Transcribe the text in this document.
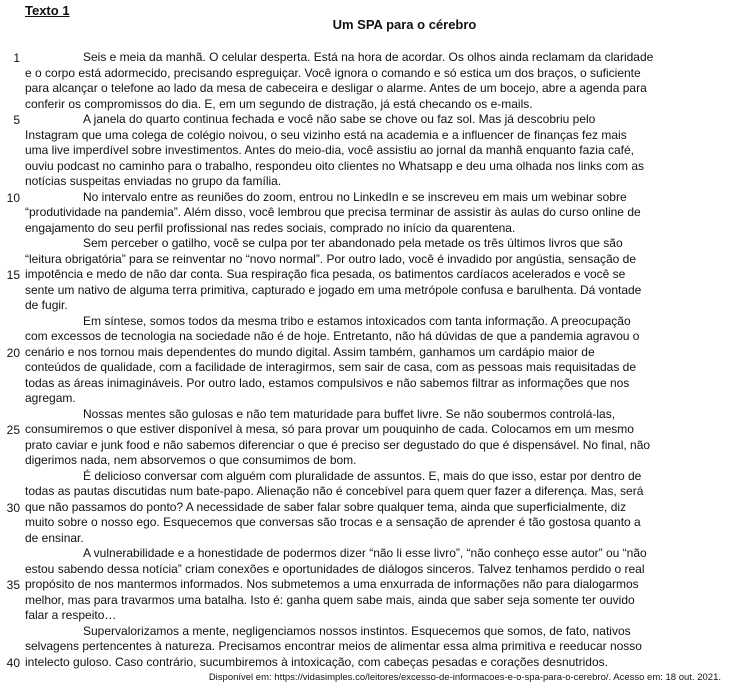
Texto 1
Um SPA para o cérebro
1
5
10
15
20
25
30
35
40
Seis e meia da manhã. O celular desperta. Está na hora de acordar. Os olhos ainda reclamam da claridade
e o corpo está adormecido, precisando espreguiçar. Você ignora o comando e só estica um dos braços, o suficiente
para alcançar o telefone ao lado da mesa de cabeceira e desligar o alarme. Antes de um bocejo, abre a agenda para
conferir os compromissos do dia. E, em um segundo de distração, já está checando os e-mails.
A janela do quarto continua fechada e você não sabe se chove ou faz sol. Mas já descobriu pelo
Instagram que uma colega de colégio noivou, o seu vizinho está na academia e a influencer de finanças fez mais
uma live imperdível sobre investimentos. Antes do meio-dia, você assistiu ao jornal da manhã enquanto fazia café,
ouviu podcast no caminho para o trabalho, respondeu oito clientes no Whatsapp e deu uma olhada nos links com as
notícias suspeitas enviadas no grupo da família.
No intervalo entre as reuniões do zoom, entrou no LinkedIn e se inscreveu em mais um webinar sobre
“produtividade na pandemia”. Além disso, você lembrou que precisa terminar de assistir às aulas do curso online de
engajamento do seu perfil profissional nas redes sociais, comprado no início da quarentena.
Sem perceber o gatilho, você se culpa por ter abandonado pela metade os três últimos livros que são
“leitura obrigatória” para se reinventar no “novo normal”. Por outro lado, você é invadido por angústia, sensação de
impotência e medo de não dar conta. Sua respiração fica pesada, os batimentos cardíacos acelerados e você se
sente um nativo de alguma terra primitiva, capturado e jogado em uma metrópole confusa e barulhenta. Dá vontade
de fugir.
Em síntese, somos todos da mesma tribo e estamos intoxicados com tanta informação. A preocupação
com excessos de tecnologia na sociedade não é de hoje. Entretanto, não há dúvidas de que a pandemia agravou o
cenário e nos tornou mais dependentes do mundo digital. Assim também, ganhamos um cardápio maior de
conteúdos de qualidade, com a facilidade de interagirmos, sem sair de casa, com as pessoas mais requisitadas de
todas as áreas inimagináveis. Por outro lado, estamos compulsivos e não sabemos filtrar as informações que nos
agregam.
Nossas mentes são gulosas e não tem maturidade para buffet livre. Se não soubermos controlá-las,
consumiremos o que estiver disponível à mesa, só para provar um pouquinho de cada. Colocamos em um mesmo
prato caviar e junk food e não sabemos diferenciar o que é preciso ser degustado do que é dispensável. No final, não
digerimos nada, nem absorvemos o que consumimos de bom.
É delicioso conversar com alguém com pluralidade de assuntos. E, mais do que isso, estar por dentro de
todas as pautas discutidas num bate-papo. Alienação não é concebível para quem quer fazer a diferença. Mas, será
que não passamos do ponto? A necessidade de saber falar sobre qualquer tema, ainda que superficialmente, diz
muito sobre o nosso ego. Esquecemos que conversas são trocas e a sensação de aprender é tão gostosa quanto a
de ensinar.
A vulnerabilidade e a honestidade de podermos dizer “não li esse livro”, “não conheço esse autor” ou “não
estou sabendo dessa notícia” criam conexões e oportunidades de diálogos sinceros. Talvez tenhamos perdido o real
propósito de nos mantermos informados. Nos submetemos a uma enxurrada de informações não para dialogarmos
melhor, mas para travarmos uma batalha. Isto é: ganha quem sabe mais, ainda que saber seja somente ter ouvido
falar a respeito…
Supervalorizamos a mente, negligenciamos nossos instintos. Esquecemos que somos, de fato, nativos
selvagens pertencentes à natureza. Precisamos encontrar meios de alimentar essa alma primitiva e reeducar nosso
intelecto guloso. Caso contrário, sucumbiremos à intoxicação, com cabeças pesadas e corações desnutridos.
Disponível em: https://vidasimples.co/leitores/excesso-de-informacoes-e-o-spa-para-o-cerebro/. Acesso em: 18 out. 2021.
